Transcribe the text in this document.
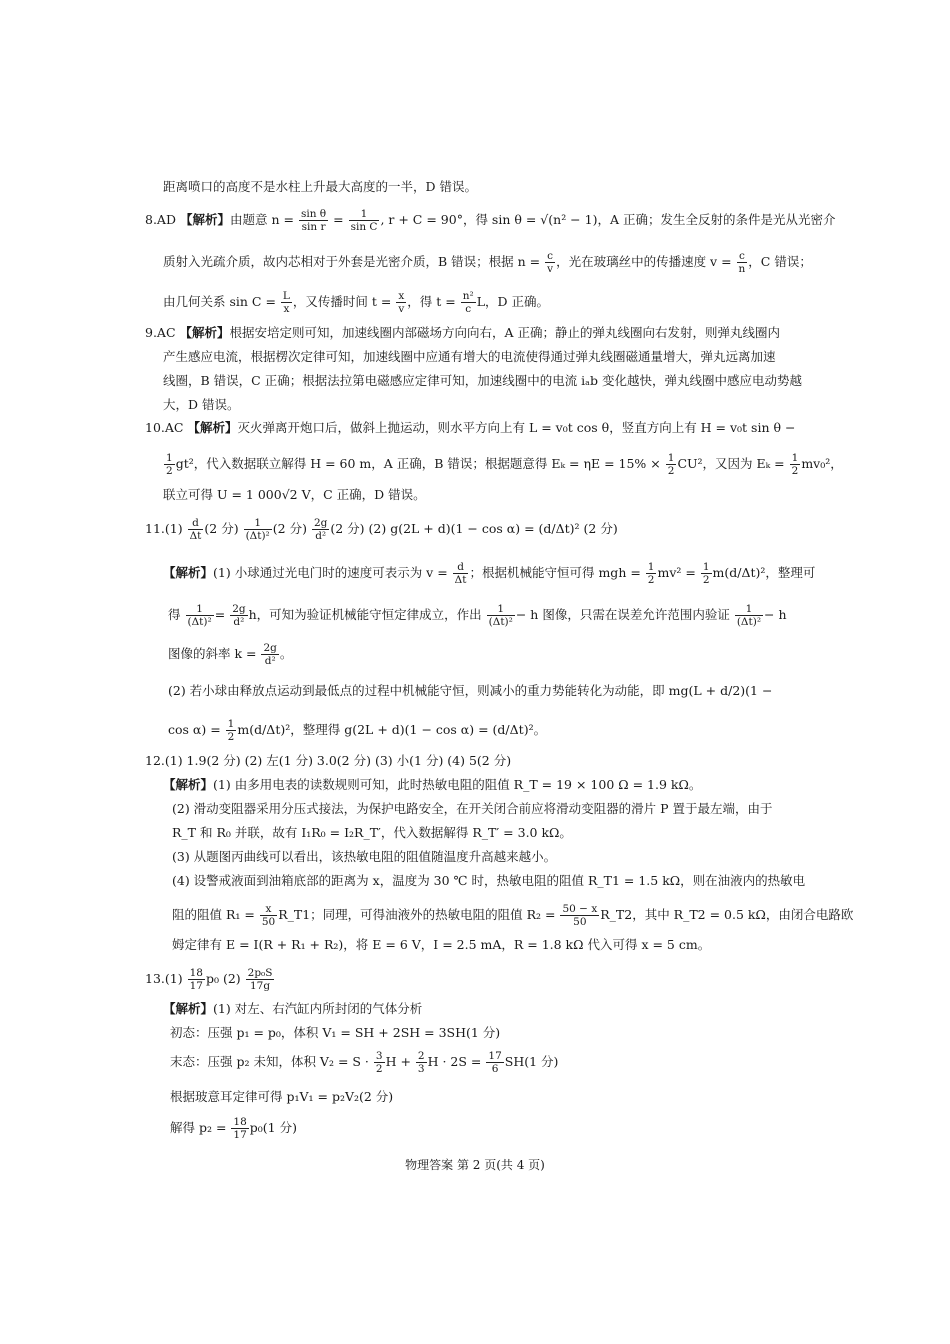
距离喷口的高度不是水柱上升最大高度的一半，D 错误。
8.AD 【解析】由题意 $n = \frac{\text{sin θ}}{\text{sin r}} = \frac{1}{\text{sin C}}$ , r + C = 90°，得 sin θ = √(n² − 1)，A 正确；发生全反射的条件是光从光密介
质射入光疏介质，故内芯相对于外套是光密介质，B 错误；根据 $n = \frac{c}{v}$ ，光在玻璃丝中的传播速度 $v = \frac{c}{n}$ ，C 错误；
由几何关系 $\sin C = \frac{L}{x}$ ，又传播时间 $t = \frac{x}{v}$ ，得 $t = \frac{\text{n²}}{c}$ L，D 正确。
9.AC 【解析】根据安培定则可知，加速线圈内部磁场方向向右，A 正确；静止的弹丸线圈向右发射，则弹丸线圈内
产生感应电流，根据楞次定律可知，加速线圈中应通有增大的电流使得通过弹丸线圈磁通量增大，弹丸远离加速
线圈，B 错误，C 正确；根据法拉第电磁感应定律可知，加速线圈中的电流 iₐb 变化越快，弹丸线圈中感应电动势越
大，D 错误。
10.AC 【解析】灭火弹离开炮口后，做斜上抛运动，则水平方向上有 L = v₀t cos θ，竖直方向上有 H = v₀t sin θ −
$\frac{1}{2} gt^2$，代入数据联立解得 H = 60 m，A 正确，B 错误；根据题意得 $E_k = \eta E = 15\% \times \frac{1}{2} CU^2$，又因为 $E_k = \frac{1}{2} mv_0^2$，
联立可得 U = 1 000√2 V，C 正确，D 错误。
$11.(1) \frac{d}{\Delta t} (2$ 分) $\frac{1}{\text{(Δt)²}} (2$ 分) $\frac{2g}{\text{d²}} (2$ 分) (2) g(2L + d)(1 − cos α) = (d/Δt)² (2 分)
【解析】(1) 小球通过光电门时的速度可表示为 $v = \frac{d}{\Delta t}$ ；根据机械能守恒可得 mgh = $\frac{1}{2} mv^2 = \frac{1}{2} m(d/\Delta t)^2$，整理可
得 $\frac{1}{\text{(Δt)²}} = \frac{2g}{\text{d²}}$ h，可知为验证机械能守恒定律成立，作出 $\frac{1}{\text{(Δt)²}} - h$ 图像，只需在误差允许范围内验证 $\frac{1}{\text{(Δt)²}} - h$
图像的斜率 $k = \frac{2g}{\text{d²}}$ 。
(2) 若小球由释放点运动到最低点的过程中机械能守恒，则减小的重力势能转化为动能，即 mg(L + d/2)(1 −
$\cos \alpha) = \frac{1}{2} m(d/\Delta t)^2$，整理得 g(2L + d)(1 − cos α) = (d/Δt)²。
12.(1) 1.9(2 分) (2) 左(1 分) 3.0(2 分) (3) 小(1 分) (4) 5(2 分)
【解析】(1) 由多用电表的读数规则可知，此时热敏电阻的阻值 R_T = 19 × 100 Ω = 1.9 kΩ。
(2) 滑动变阻器采用分压式接法，为保护电路安全，在开关闭合前应将滑动变阻器的滑片 P 置于最左端，由于
R_T 和 R₀ 并联，故有 I₁R₀ = I₂R_T′，代入数据解得 R_T′ = 3.0 kΩ。
(3) 从题图丙曲线可以看出，该热敏电阻的阻值随温度升高越来越小。
(4) 设警戒液面到油箱底部的距离为 x，温度为 30 ℃ 时，热敏电阻的阻值 R_T1 = 1.5 kΩ，则在油液内的热敏电
阻的阻值 $R_1 = \frac{x}{50}$ R_T1；同理，可得油液外的热敏电阻的阻值 $R_2 = \frac{50 - x}{50}$ R_T2，其中 R_T2 = 0.5 kΩ，由闭合电路欧
姆定律有 E = I(R + R₁ + R₂)，将 E = 6 V，I = 2.5 mA，R = 1.8 kΩ 代入可得 x = 5 cm。
$13.(1) \frac{18}{17} p_0$ $(2) \frac{\text{2p₀S}}{17g}$
【解析】(1) 对左、右汽缸内所封闭的气体分析
初态：压强 p₁ = p₀，体积 V₁ = SH + 2SH = 3SH(1 分)
末态：压强 p₂ 未知，体积 $V_2 = S \cdot \frac{3}{2}$ $H + \frac{2}{3}$ $H \cdot 2S = \frac{17}{6} SH(1$ 分)
根据玻意耳定律可得 p₁V₁ = p₂V₂(2 分)
解得 $p_2 = \frac{18}{17} p_0(1$ 分)
物理答案 第 2 页(共 4 页)
